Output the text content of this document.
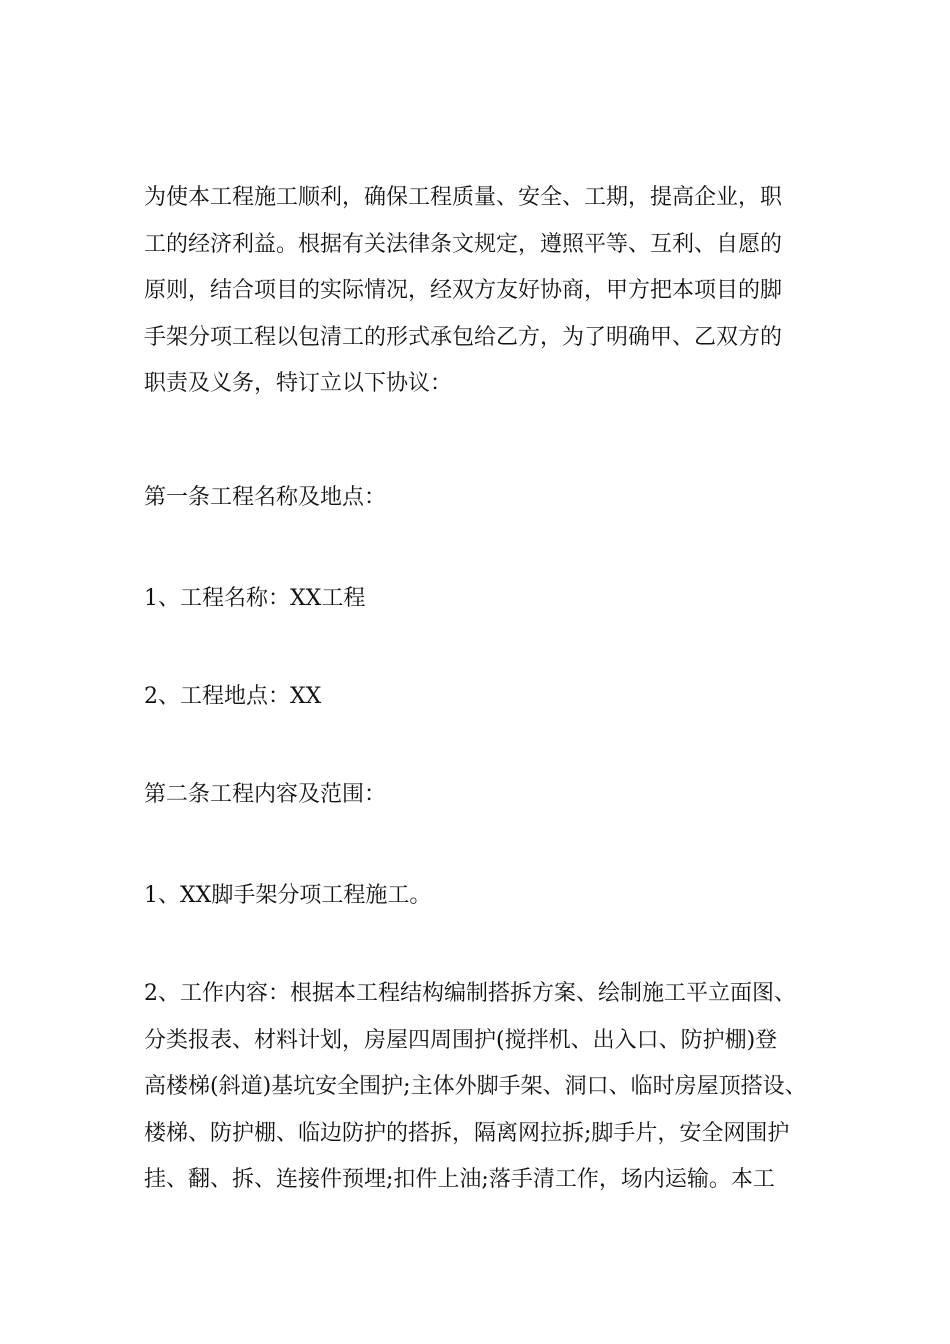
为使本工程施工顺利，确保工程质量、安全、工期，提高企业，职
工的经济利益。根据有关法律条文规定，遵照平等、互利、自愿的
原则，结合项目的实际情况，经双方友好协商，甲方把本项目的脚
手架分项工程以包清工的形式承包给乙方，为了明确甲、乙双方的
职责及义务，特订立以下协议：
第一条工程名称及地点：
1、工程名称：XX工程
2、工程地点：XX
第二条工程内容及范围：
1、XX脚手架分项工程施工。
2、工作内容：根据本工程结构编制搭拆方案、绘制施工平立面图、
分类报表、材料计划，房屋四周围护(搅拌机、出入口、防护棚)登
高楼梯(斜道)基坑安全围护;主体外脚手架、洞口、临时房屋顶搭设、
楼梯、防护棚、临边防护的搭拆，隔离网拉拆;脚手片，安全网围护
挂、翻、拆、连接件预埋;扣件上油;落手清工作，场内运输。本工
